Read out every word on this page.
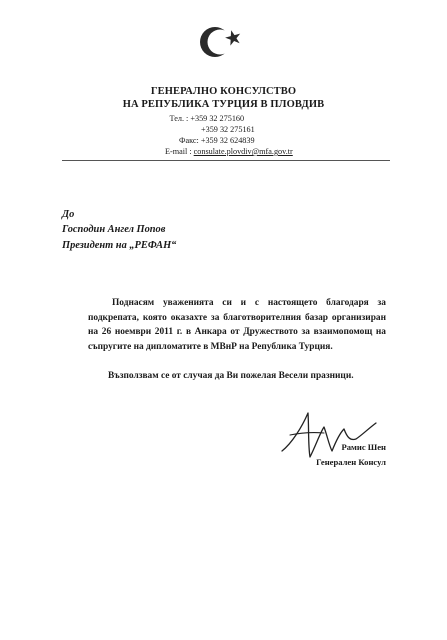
ГЕНЕРАЛНО КОНСУЛСТВО
НА РЕПУБЛИКА ТУРЦИЯ В ПЛОВДИВ
Тел. : +359 32 275160
+359 32 275161
Факс: +359 32 624839
E-mail : consulate.plovdiv@mfa.gov.tr
До
Господин Ангел Попов
Президент на „РЕФАН“

Поднасям уваженията си и с настоящето благодаря за подкрепата, която оказахте за благотворителния базар организиран на 26 ноември 2011 г. в Анкара от Дружеството за взаимопомощ на съпругите на дипломатите в МВнР на Република Турция.

Възползвам се от случая да Ви пожелая Весели празници.
Рамис Шен
Генерален Консул
